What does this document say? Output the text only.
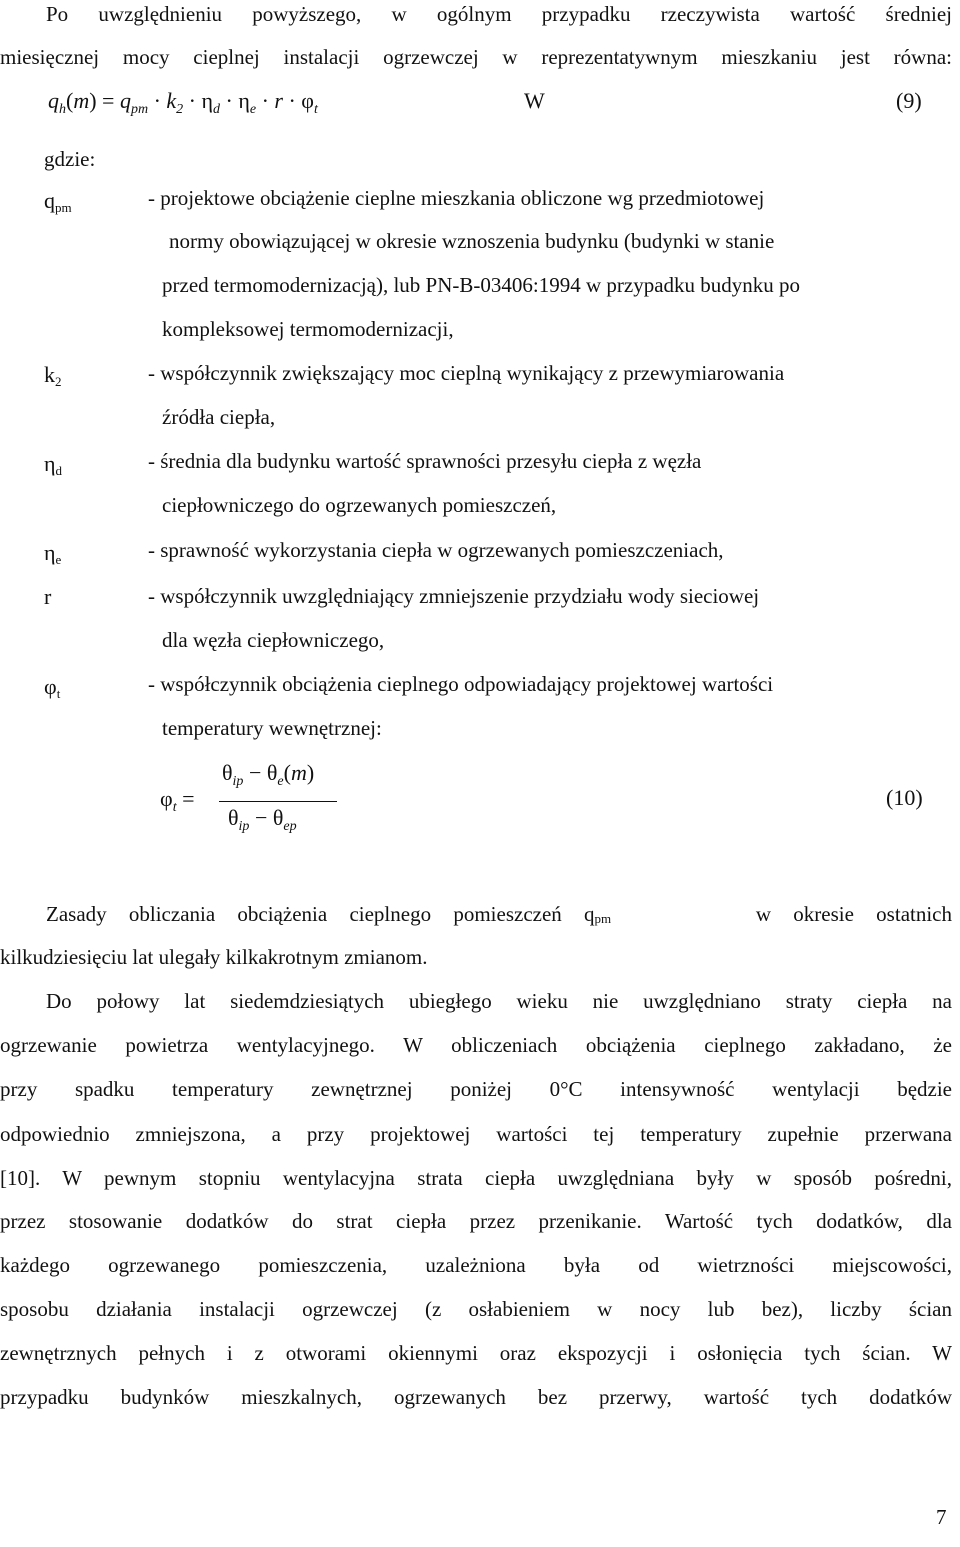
Po uwzględnieniu powyższego, w ogólnym przypadku rzeczywista wartość średniej
miesięcznej mocy cieplnej instalacji ogrzewczej w reprezentatywnym mieszkaniu jest równa:
$q_h(m) = q_{pm} \cdot k_2 \cdot \eta_d \cdot \eta_e \cdot r \cdot \varphi_t$	W	(9)
gdzie:
$q_{pm}$	- projektowe obciążenie cieplne mieszkania obliczone wg przedmiotowej
normy obowiązującej w okresie wznoszenia budynku (budynki w stanie
przed termomodernizacją), lub PN-B-03406:1994 w przypadku budynku po
kompleksowej termomodernizacji,
$k_2$	- współczynnik zwiększający moc cieplną wynikający z przewymiarowania
źródła ciepła,
$\eta_d$	- średnia dla budynku wartość sprawności przesyłu ciepła z węzła
ciepłowniczego do ogrzewanych pomieszczeń,
$\eta_e$	- sprawność wykorzystania ciepła w ogrzewanych pomieszczeniach,
r	- współczynnik uwzględniający zmniejszenie przydziału wody sieciowej
dla węzła ciepłowniczego,
$\varphi_t$	- współczynnik obciążenia cieplnego odpowiadający projektowej wartości
temperatury wewnętrznej:
$\varphi_t$ =
$\theta_{ip} - \theta_e(m)$
$\theta_{ip} - \theta_{ep}$
(10)
Zasady obliczania obciążenia cieplnego pomieszczeń q pm	w okresie ostatnich
kilkudziesięciu lat ulegały kilkakrotnym zmianom.
Do połowy lat siedemdziesiątych ubiegłego wieku nie uwzględniano straty ciepła na
ogrzewanie powietrza wentylacyjnego. W obliczeniach obciążenia cieplnego zakładano, że
przy spadku temperatury zewnętrznej poniżej 0°C intensywność wentylacji będzie
odpowiednio zmniejszona, a przy projektowej wartości tej temperatury zupełnie przerwana
[10]. W pewnym stopniu wentylacyjna strata ciepła uwzględniana były w sposób pośredni,
przez stosowanie dodatków do strat ciepła przez przenikanie. Wartość tych dodatków, dla
każdego ogrzewanego pomieszczenia, uzależniona była od wietrzności miejscowości,
sposobu działania instalacji ogrzewczej (z osłabieniem w nocy lub bez), liczby ścian
zewnętrznych pełnych i z otworami okiennymi oraz ekspozycji i osłonięcia tych ścian. W
przypadku budynków mieszkalnych, ogrzewanych bez przerwy, wartość tych dodatków
7
